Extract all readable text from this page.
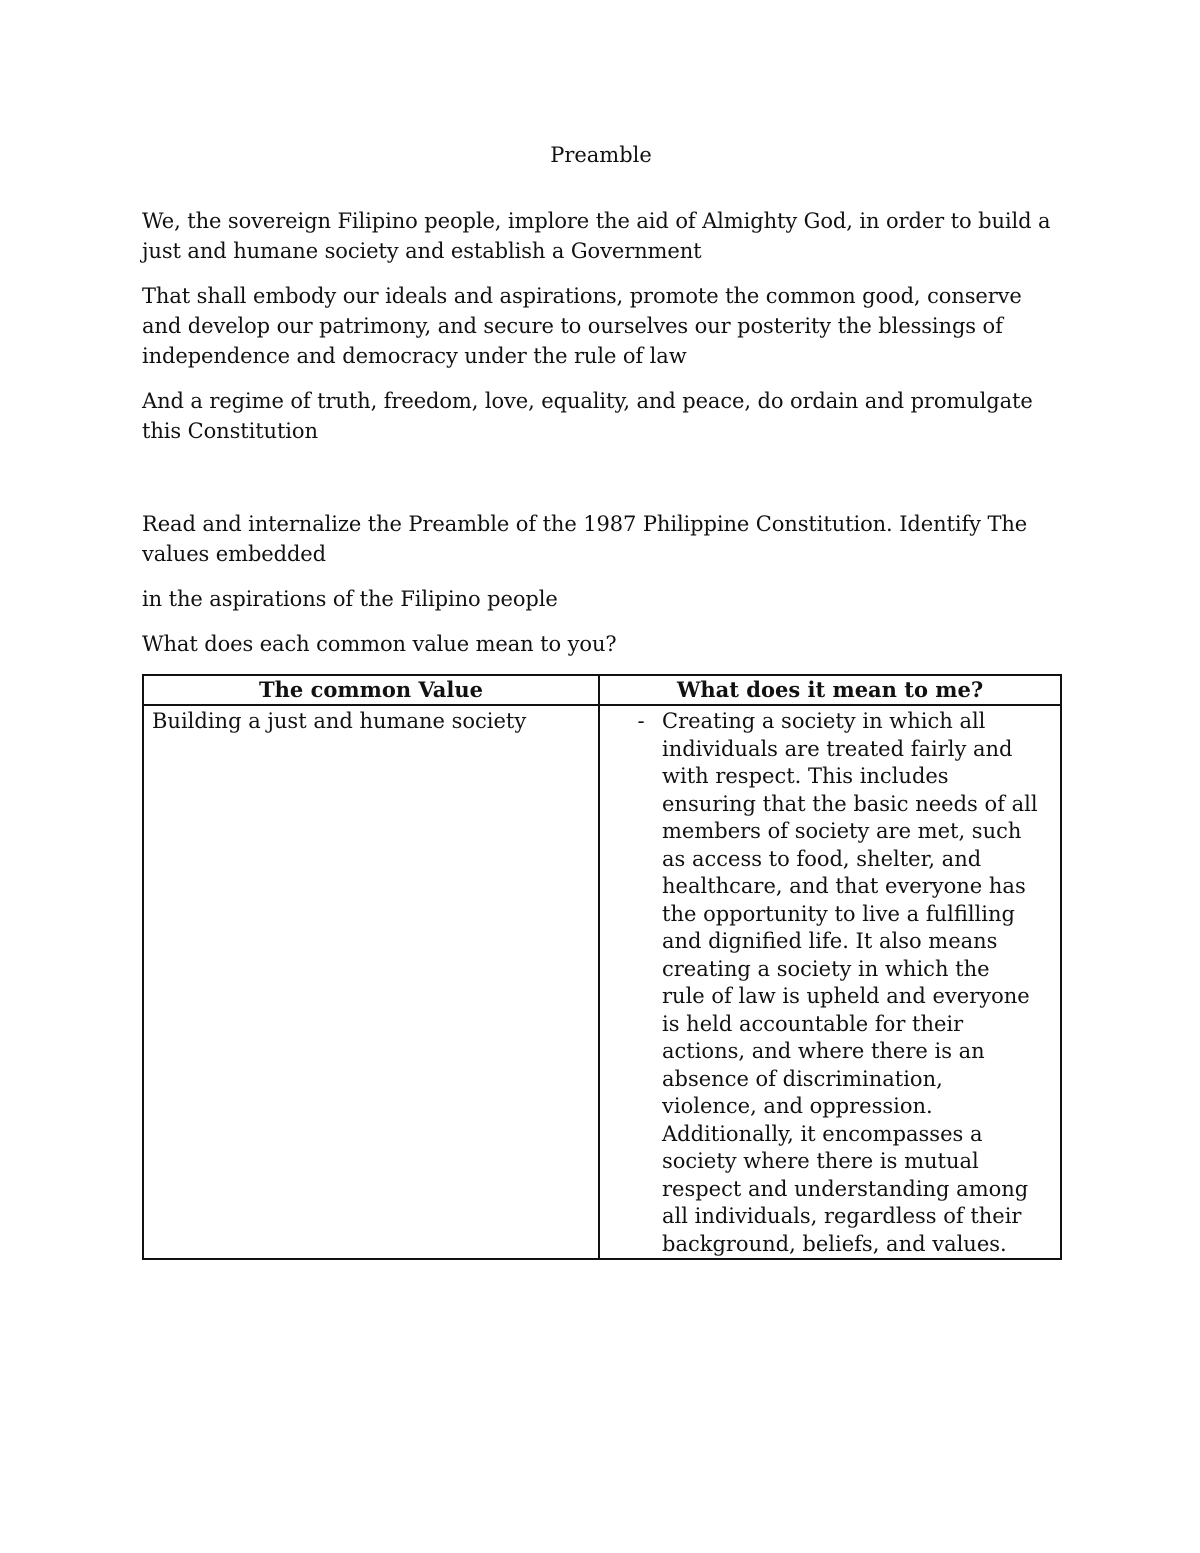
Preamble

We, the sovereign Filipino people, implore the aid of Almighty God, in order to build a just and humane society and establish a Government

That shall embody our ideals and aspirations, promote the common good, conserve and develop our patrimony, and secure to ourselves our posterity the blessings of independence and democracy under the rule of law

And a regime of truth, freedom, love, equality, and peace, do ordain and promulgate this Constitution

Read and internalize the Preamble of the 1987 Philippine Constitution. Identify The values embedded

in the aspirations of the Filipino people

What does each common value mean to you?

The common Value	What does it mean to me?
Building a just and humane society	- Creating a society in which all individuals are treated fairly and with respect. This includes ensuring that the basic needs of all members of society are met, such as access to food, shelter, and healthcare, and that everyone has the opportunity to live a fulfilling and dignified life. It also means creating a society in which the rule of law is upheld and everyone is held accountable for their actions, and where there is an absence of discrimination, violence, and oppression. Additionally, it encompasses a society where there is mutual respect and understanding among all individuals, regardless of their background, beliefs, and values.
